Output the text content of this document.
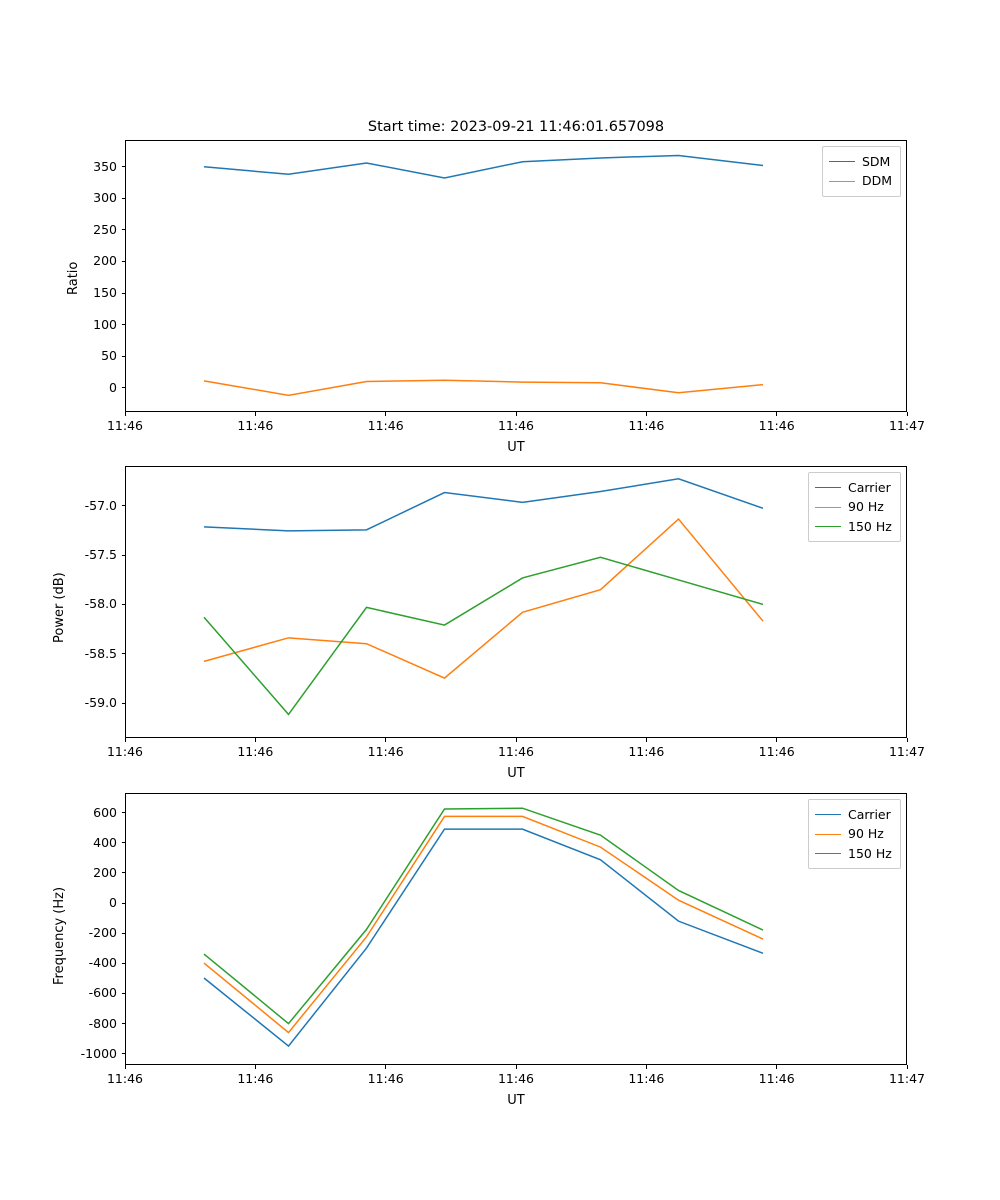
Start time: 2023-09-21 11:46:01.657098
Ratio
UT
SDM
DDM
Power (dB)
UT
Carrier
90 Hz
150 Hz
Frequency (Hz)
UT
Carrier
90 Hz
150 Hz
11:46	11:46	11:46	11:46	11:46	11:46	11:47
0
50
100
150
200
250
300
350
11:46	11:46	11:46	11:46	11:46	11:46	11:47
-59.0
-58.5
-58.0
-57.5
-57.0
11:46	11:46	11:46	11:46	11:46	11:46	11:47
-1000
-800
-600
-400
-200
0
200
400
600
